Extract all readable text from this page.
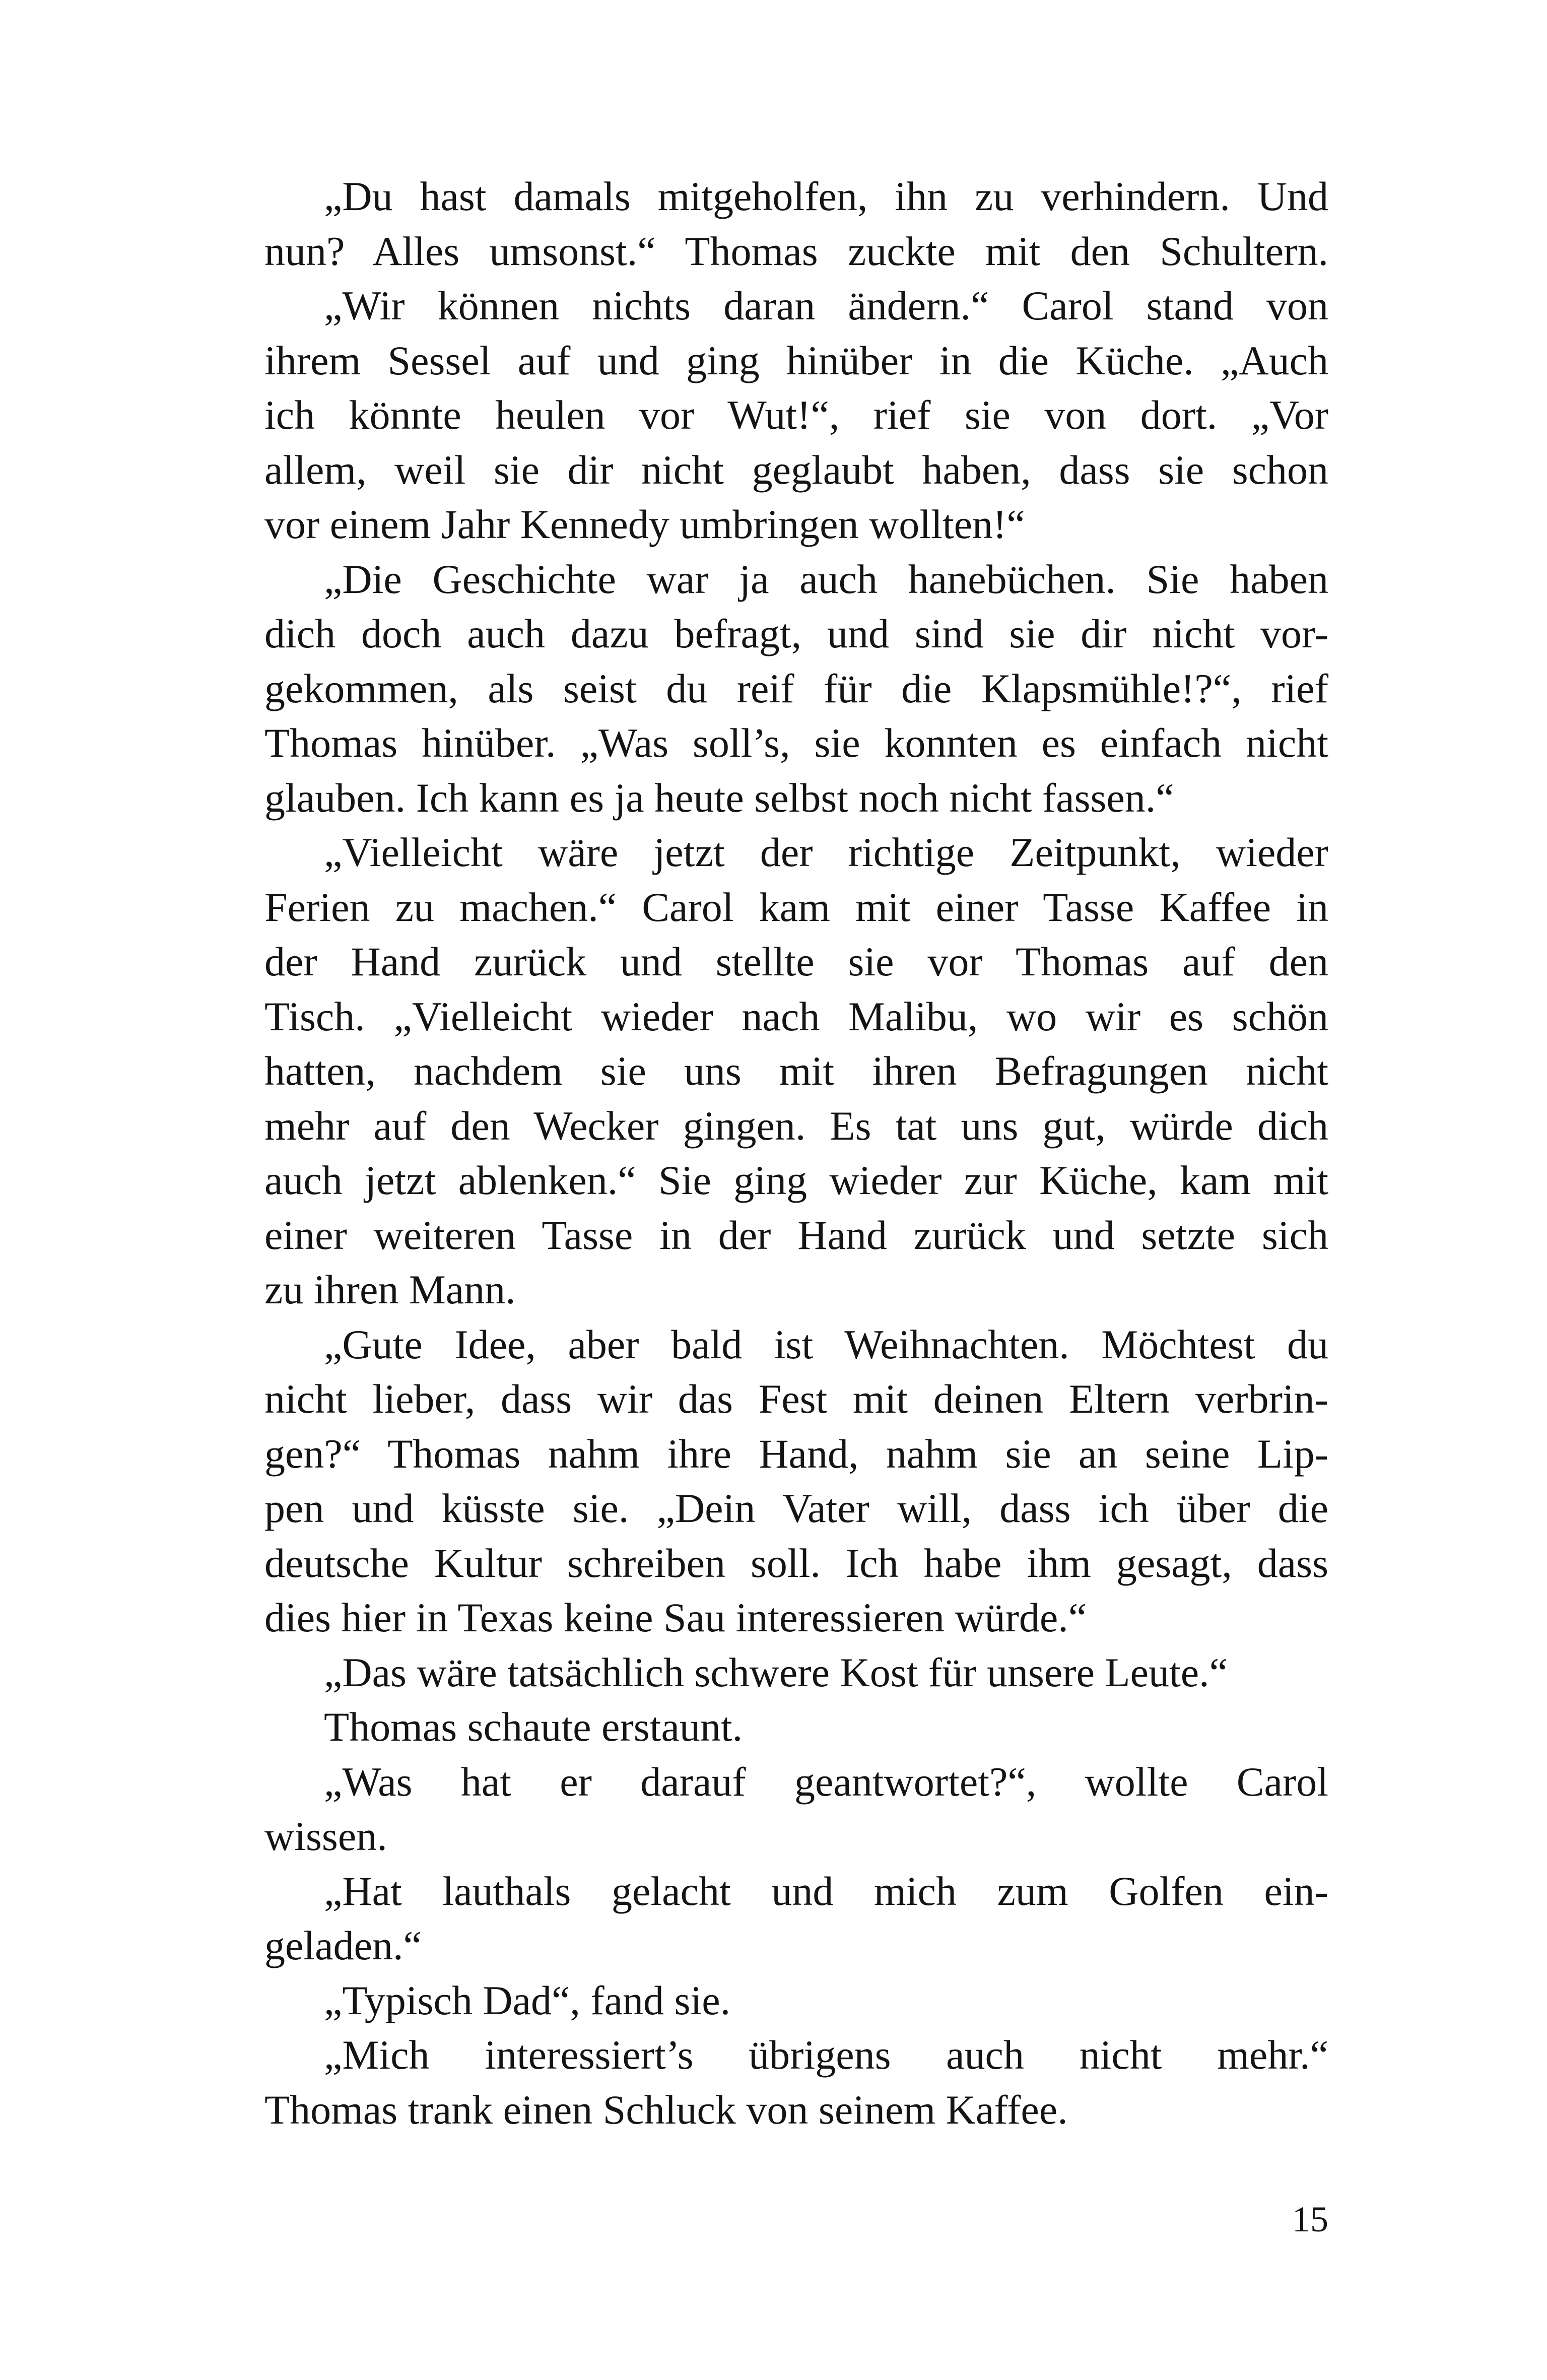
„Du hast damals mitgeholfen, ihn zu verhindern. Und
nun? Alles umsonst.“ Thomas zuckte mit den Schultern.
„Wir können nichts daran ändern.“ Carol stand von
ihrem Sessel auf und ging hinüber in die Küche. „Auch
ich könnte heulen vor Wut!“, rief sie von dort. „Vor
allem, weil sie dir nicht geglaubt haben, dass sie schon
vor einem Jahr Kennedy umbringen wollten!“
„Die Geschichte war ja auch hanebüchen. Sie haben
dich doch auch dazu befragt, und sind sie dir nicht vor-
gekommen, als seist du reif für die Klapsmühle!?“, rief
Thomas hinüber. „Was soll’s, sie konnten es einfach nicht
glauben. Ich kann es ja heute selbst noch nicht fassen.“
„Vielleicht wäre jetzt der richtige Zeitpunkt, wieder
Ferien zu machen.“ Carol kam mit einer Tasse Kaffee in
der Hand zurück und stellte sie vor Thomas auf den
Tisch. „Vielleicht wieder nach Malibu, wo wir es schön
hatten, nachdem sie uns mit ihren Befragungen nicht
mehr auf den Wecker gingen. Es tat uns gut, würde dich
auch jetzt ablenken.“ Sie ging wieder zur Küche, kam mit
einer weiteren Tasse in der Hand zurück und setzte sich
zu ihren Mann.
„Gute Idee, aber bald ist Weihnachten. Möchtest du
nicht lieber, dass wir das Fest mit deinen Eltern verbrin-
gen?“ Thomas nahm ihre Hand, nahm sie an seine Lip-
pen und küsste sie. „Dein Vater will, dass ich über die
deutsche Kultur schreiben soll. Ich habe ihm gesagt, dass
dies hier in Texas keine Sau interessieren würde.“
„Das wäre tatsächlich schwere Kost für unsere Leute.“
Thomas schaute erstaunt.
„Was hat er darauf geantwortet?“, wollte Carol
wissen.
„Hat lauthals gelacht und mich zum Golfen ein-
geladen.“
„Typisch Dad“, fand sie.
„Mich interessiert’s übrigens auch nicht mehr.“
Thomas trank einen Schluck von seinem Kaffee.
15
